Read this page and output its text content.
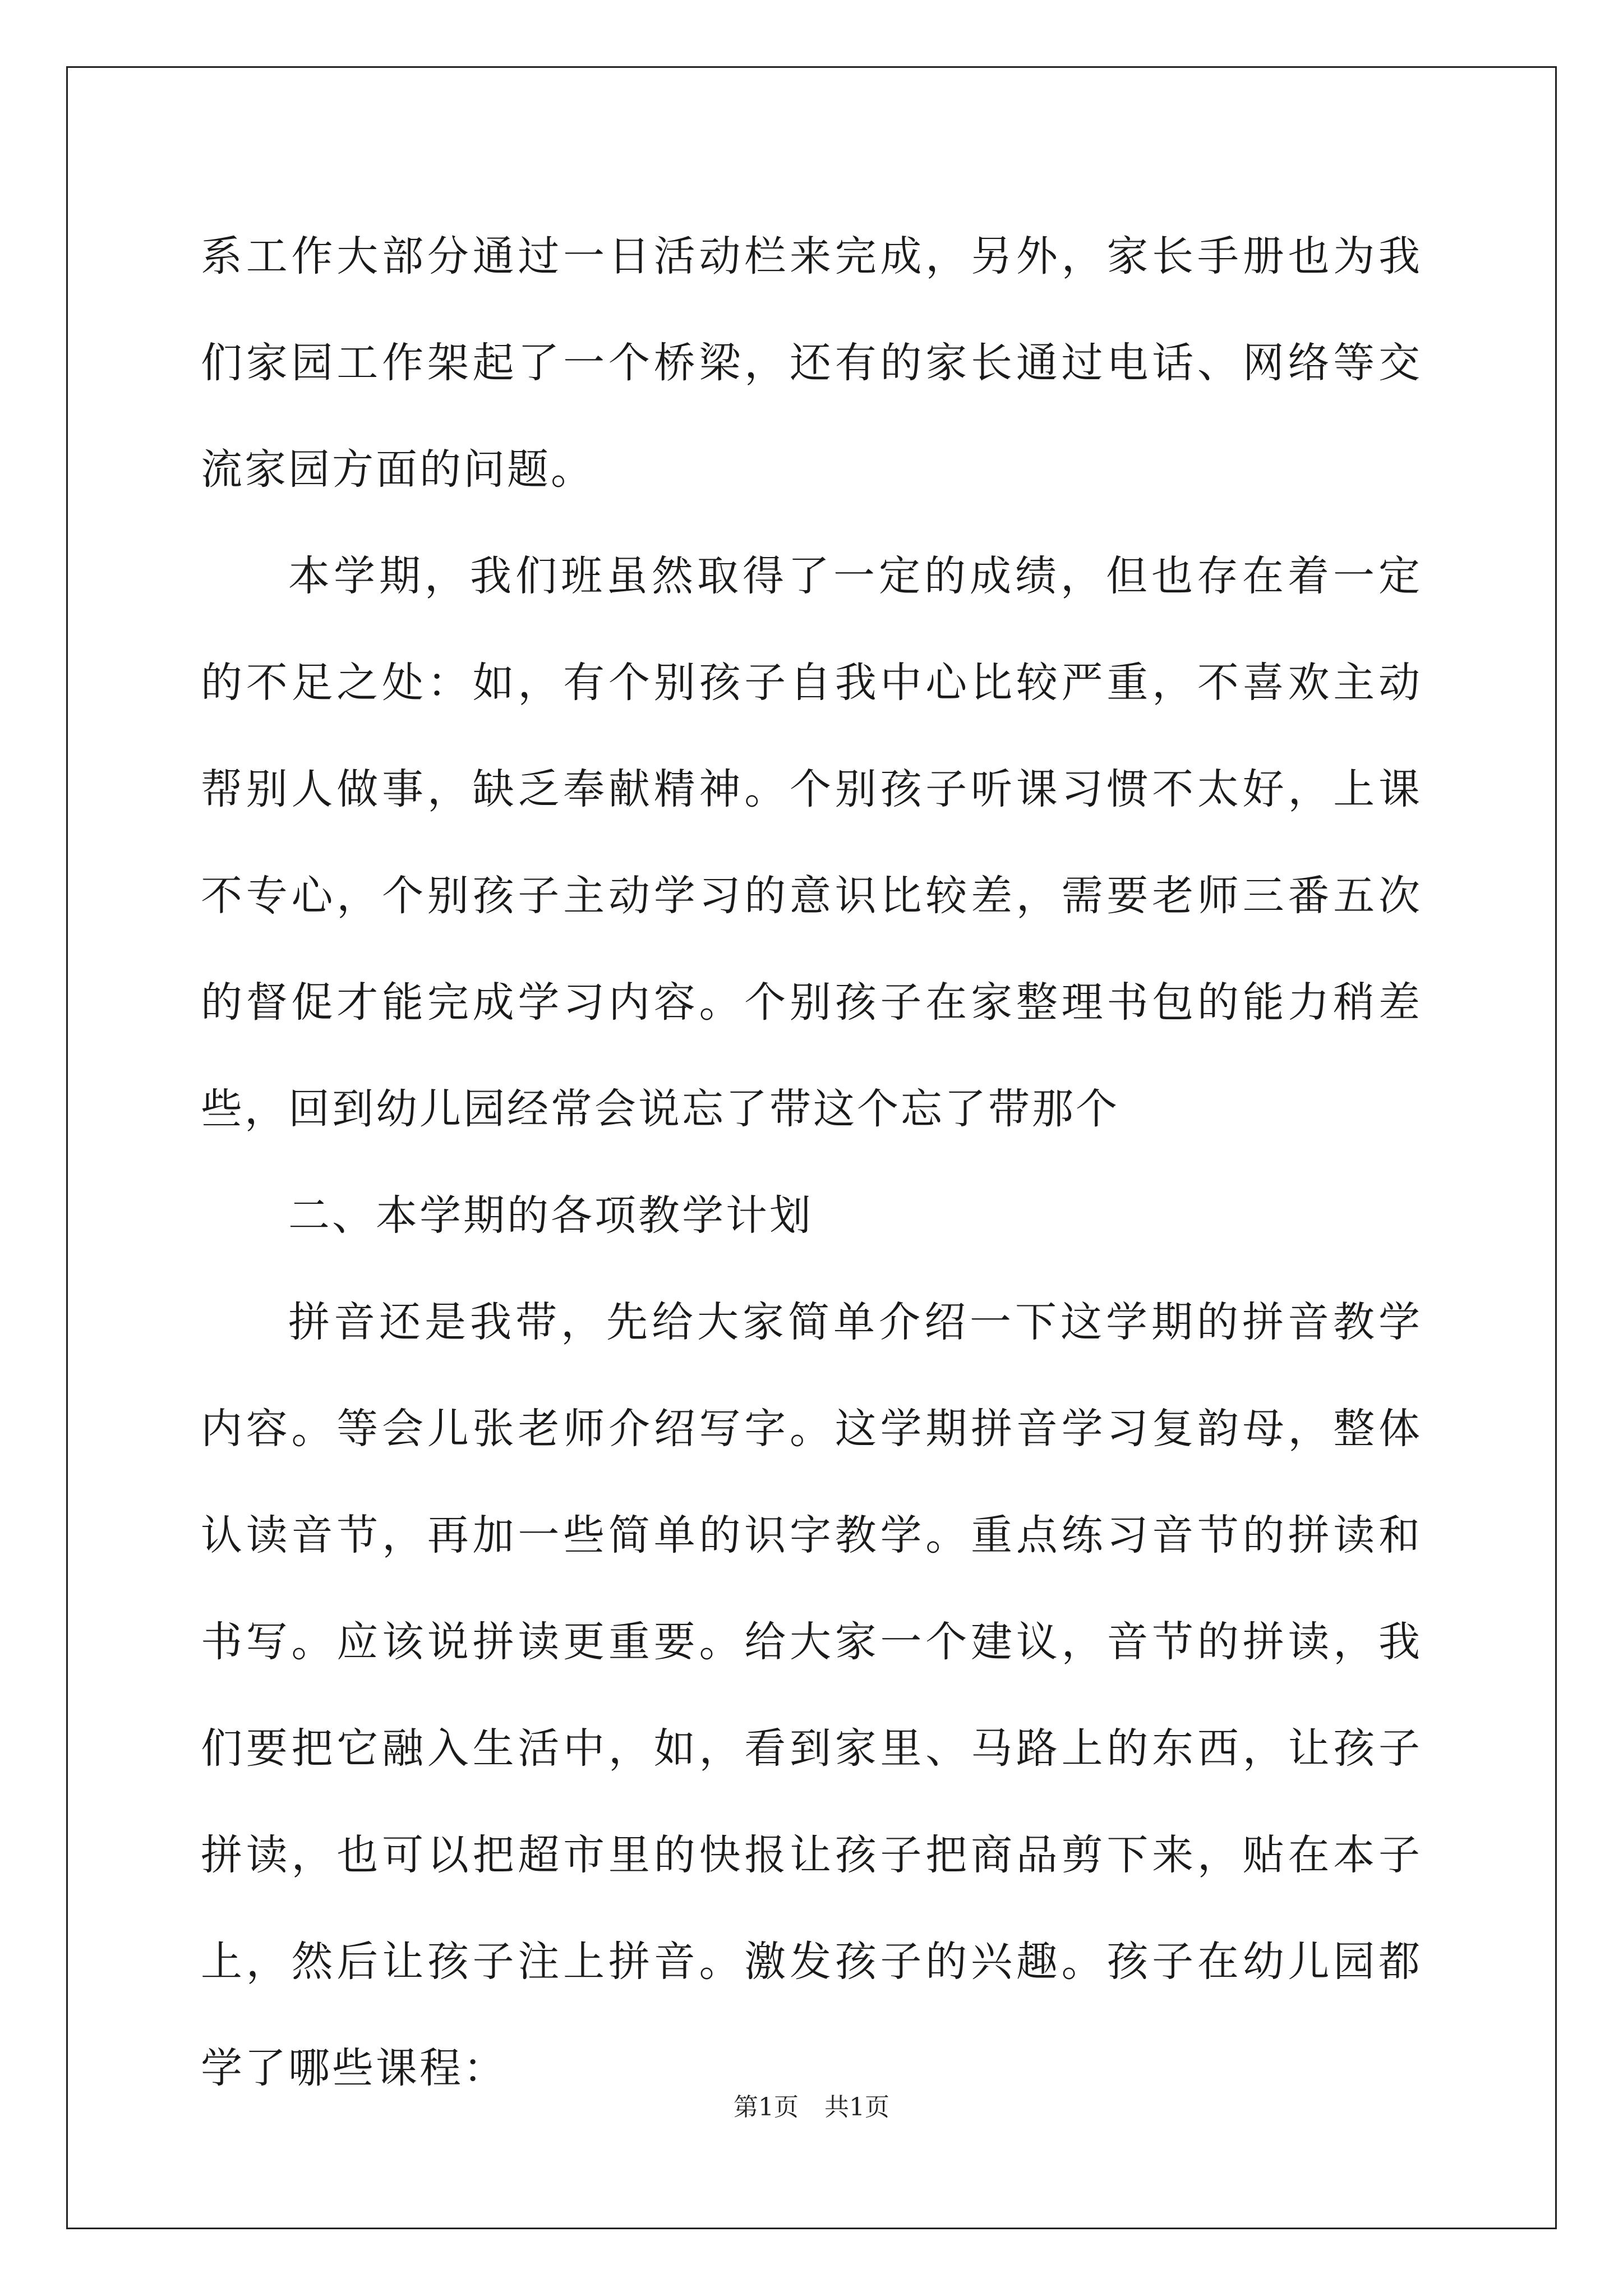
系工作大部分通过一日活动栏来完成，另外，家长手册也为我们家园工作架起了一个桥梁，还有的家长通过电话、网络等交流家园方面的问题。

本学期，我们班虽然取得了一定的成绩，但也存在着一定的不足之处：如，有个别孩子自我中心比较严重，不喜欢主动帮别人做事，缺乏奉献精神。个别孩子听课习惯不太好，上课不专心，个别孩子主动学习的意识比较差，需要老师三番五次的督促才能完成学习内容。个别孩子在家整理书包的能力稍差些，回到幼儿园经常会说忘了带这个忘了带那个

二、本学期的各项教学计划

拼音还是我带，先给大家简单介绍一下这学期的拼音教学内容。等会儿张老师介绍写字。这学期拼音学习复韵母，整体认读音节，再加一些简单的识字教学。重点练习音节的拼读和书写。应该说拼读更重要。给大家一个建议，音节的拼读，我们要把它融入生活中，如，看到家里、马路上的东西，让孩子拼读，也可以把超市里的快报让孩子把商品剪下来，贴在本子上，然后让孩子注上拼音。激发孩子的兴趣。孩子在幼儿园都学了哪些课程：

第1页 共1页
